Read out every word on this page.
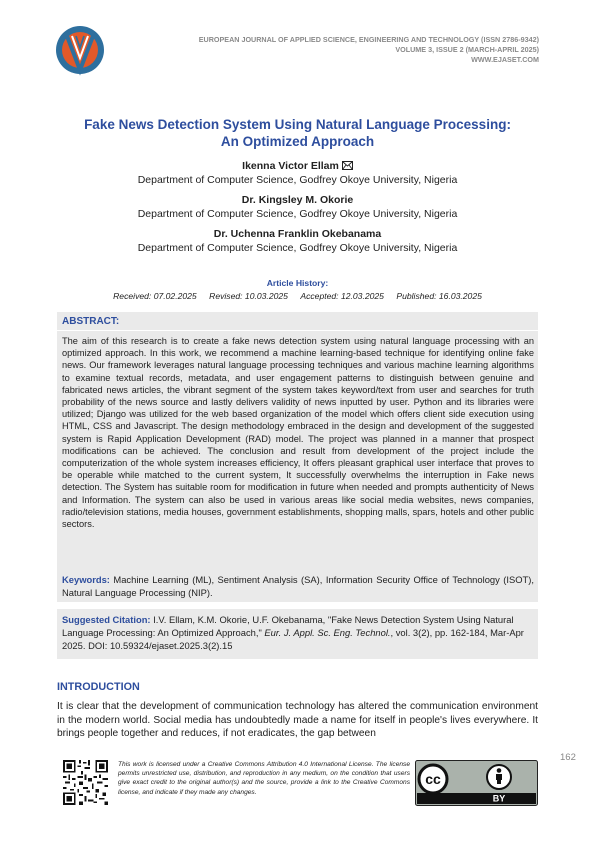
EUROPEAN JOURNAL OF APPLIED SCIENCE, ENGINEERING AND TECHNOLOGY (ISSN 2786-9342)
VOLUME 3, ISSUE 2 (MARCH-APRIL 2025)
WWW.EJASET.COM
Fake News Detection System Using Natural Language Processing:
An Optimized Approach
Ikenna Victor Ellam
Department of Computer Science, Godfrey Okoye University, Nigeria
Dr. Kingsley M. Okorie
Department of Computer Science, Godfrey Okoye University, Nigeria
Dr. Uchenna Franklin Okebanama
Department of Computer Science, Godfrey Okoye University, Nigeria
Article History:
Received: 07.02.2025 Revised: 10.03.2025 Accepted: 12.03.2025 Published: 16.03.2025
ABSTRACT:
The aim of this research is to create a fake news detection system using natural language processing with an optimized approach. In this work, we recommend a machine learning-based technique for identifying online fake news. Our framework leverages natural language processing techniques and various machine learning algorithms to examine textual records, metadata, and user engagement patterns to distinguish between genuine and fabricated news articles, the vibrant segment of the system takes keyword/text from user and searches for truth probability of the news source and lastly delivers validity of news inputted by user. Python and its libraries were utilized; Django was utilized for the web based organization of the model which offers client side execution using HTML, CSS and Javascript. The design methodology embraced in the design and development of the suggested system is Rapid Application Development (RAD) model. The project was planned in a manner that prospect modifications can be achieved. The conclusion and result from development of the project include the computerization of the whole system increases efficiency, It offers pleasant graphical user interface that proves to be operable while matched to the current system, It successfully overwhelms the interruption in Fake news detection. The System has suitable room for modification in future when needed and prompts authenticity of News and Information. The system can also be used in various areas like social media websites, news companies, radio/television stations, media houses, government establishments, shopping malls, spars, hotels and other public sectors.
Keywords: Machine Learning (ML), Sentiment Analysis (SA), Information Security Office of Technology (ISOT), Natural Language Processing (NIP).
Suggested Citation: I.V. Ellam, K.M. Okorie, U.F. Okebanama, "Fake News Detection System Using Natural Language Processing: An Optimized Approach," Eur. J. Appl. Sc. Eng. Technol., vol. 3(2), pp. 162-184, Mar-Apr 2025. DOI: 10.59324/ejaset.2025.3(2).15
INTRODUCTION
It is clear that the development of communication technology has altered the communication environment in the modern world. Social media has undoubtedly made a name for itself in people's lives everywhere. It brings people together and reduces, if not eradicates, the gap between
162
This work is licensed under a Creative Commons Attribution 4.0 International License. The license permits unrestricted use, distribution, and reproduction in any medium, on the condition that users give exact credit to the original author(s) and the source, provide a link to the Creative Commons license, and indicate if they made any changes.
cc
BY
